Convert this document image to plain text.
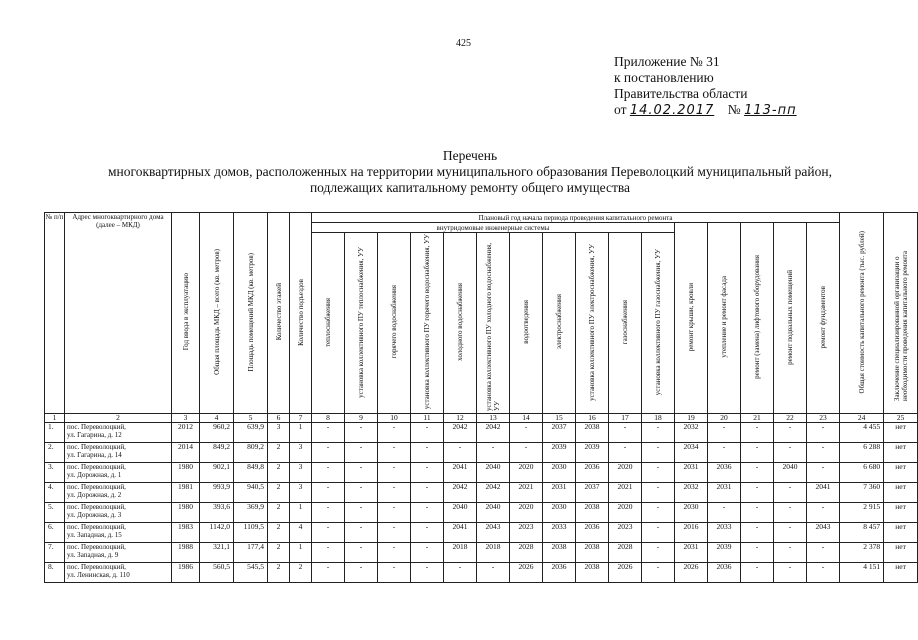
425
Приложение № 31
к постановлению
Правительства области
от 14.02.2017 № 113-пп
Перечень
многоквартирных домов, расположенных на территории муниципального образования Переволоцкий муниципальный район,
подлежащих капитальному ремонту общего имущества
№ п/п	Адрес многоквартирного дома (далее – МКД)	Год ввода в эксплуатацию	Общая площадь МКД – всего (кв. метров)	Площадь помещений МКД (кв. метров)	Количество этажей	Количество подъездов	Плановый год начала периода проведения капитального ремонта																Общая стоимость капитального ремонта (тыс. рублей)	Заключение специализированной организации о необходимости проведения капитального ремонта
							внутридомовые инженерные системы											ремонт крыши, кровли	утепление и ремонт фасада	ремонт (замена) лифтового оборудования	ремонт подвальных помещений	ремонт фундаментов		
							теплоснабжения	установка коллективного ПУ теплоснабжения, УУ	горячего водоснабжения	установка коллективного ПУ горячего водоснабжения, УУ	холодного водоснабжения	установка коллективного ПУ холодного водоснабжения, УУ	водоотведения	электроснабжения	установка коллективного ПУ электроснабжения, УУ	газоснабжения	установка коллективного ПУ газоснабжения, УУ							
1	2	3	4	5	6	7	8	9	10	11	12	13	14	15	16	17	18	19	20	21	22	23	24	25
1.	пос. Переволоцкий,
ул. Гагарина, д. 12	2012	960,2	639,9	3	1	-	-	-	-	2042	2042	-	2037	2038	-	-	2032	-	-	-	-	4 455	нет
2.	пос. Переволоцкий,
ул. Гагарина, д. 14	2014	849,2	809,2	2	3	-	-	-	-	-	-	-	2039	2039	-	-	2034	-	-	-	-	6 288	нет
3.	пос. Переволоцкий,
ул. Дорожная, д. 1	1980	902,1	849,8	2	3	-	-	-	-	2041	2040	2020	2030	2036	2020	-	2031	2036	-	2040	-	6 680	нет
4.	пос. Переволоцкий,
ул. Дорожная, д. 2	1981	993,9	940,5	2	3	-	-	-	-	2042	2042	2021	2031	2037	2021	-	2032	2031	-	-	2041	7 360	нет
5.	пос. Переволоцкий,
ул. Дорожная, д. 3	1980	393,6	369,9	2	1	-	-	-	-	2040	2040	2020	2030	2038	2020	-	2030	-	-	-	-	2 915	нет
6.	пос. Переволоцкий,
ул. Западная, д. 15	1983	1142,0	1109,5	2	4	-	-	-	-	2041	2043	2023	2033	2036	2023	-	2016	2033	-	-	2043	8 457	нет
7.	пос. Переволоцкий,
ул. Западная, д. 9	1988	321,1	177,4	2	1	-	-	-	-	2018	2018	2028	2038	2038	2028	-	2031	2039	-	-	-	2 378	нет
8.	пос. Переволоцкий,
ул. Ленинская, д. 110	1986	560,5	545,5	2	2	-	-	-	-	-	-	2026	2036	2038	2026	-	2026	2036	-	-	-	4 151	нет
